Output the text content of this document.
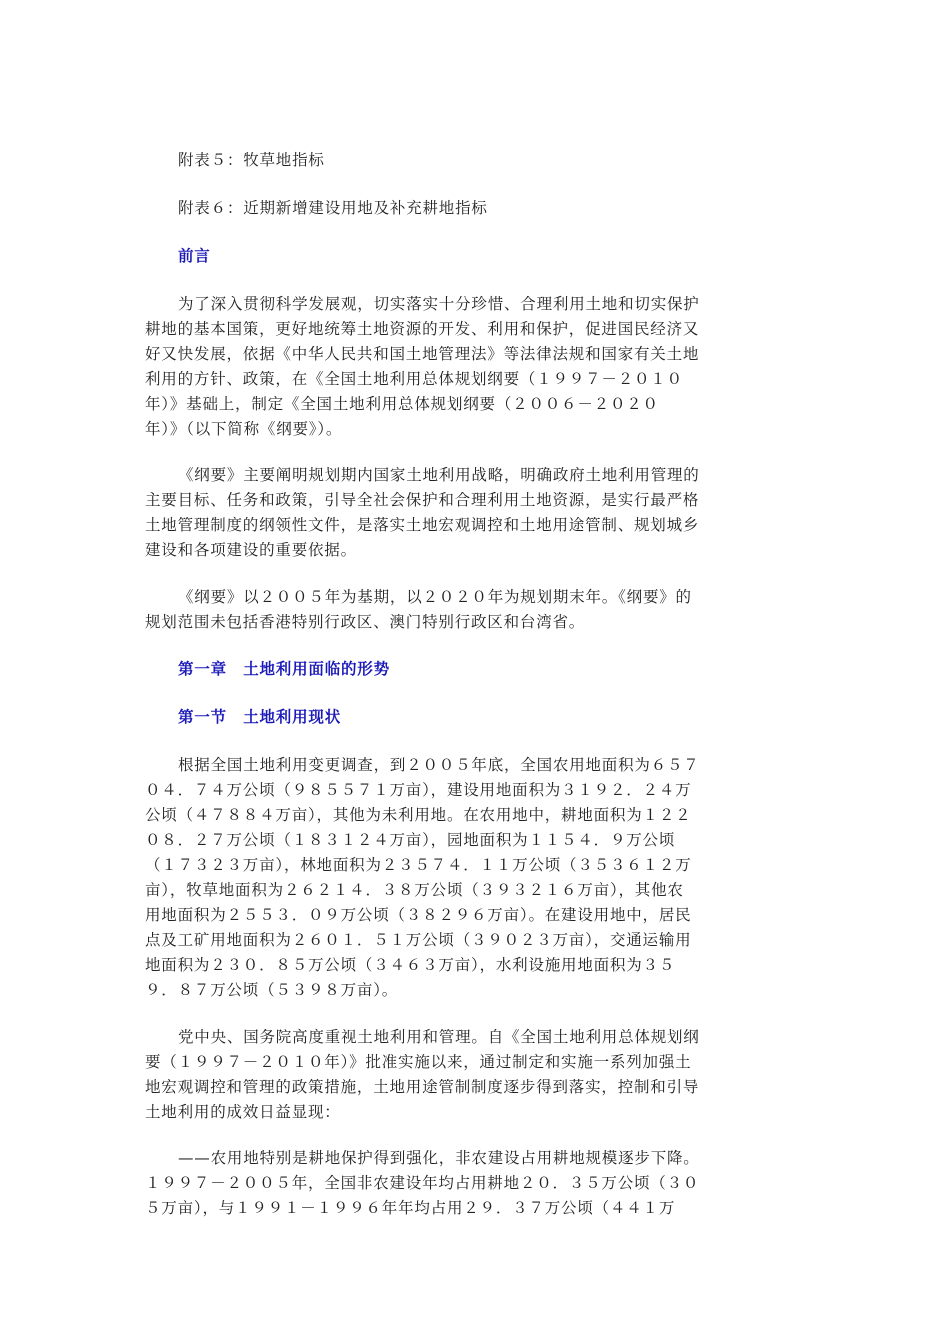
附表５：牧草地指标
附表６：近期新增建设用地及补充耕地指标
前言
为了深入贯彻科学发展观，切实落实十分珍惜、合理利用土地和切实保护
耕地的基本国策，更好地统筹土地资源的开发、利用和保护，促进国民经济又
好又快发展，依据《中华人民共和国土地管理法》等法律法规和国家有关土地
利用的方针、政策，在《全国土地利用总体规划纲要（１９９７－２０１０
年）》基础上，制定《全国土地利用总体规划纲要（２００６－２０２０
年）》（以下简称《纲要》）。
《纲要》主要阐明规划期内国家土地利用战略，明确政府土地利用管理的
主要目标、任务和政策，引导全社会保护和合理利用土地资源，是实行最严格
土地管理制度的纲领性文件，是落实土地宏观调控和土地用途管制、规划城乡
建设和各项建设的重要依据。
《纲要》以２００５年为基期，以２０２０年为规划期末年。《纲要》的
规划范围未包括香港特别行政区、澳门特别行政区和台湾省。
第一章　土地利用面临的形势
第一节　土地利用现状
根据全国土地利用变更调查，到２００５年底，全国农用地面积为６５７
０４．７４万公顷（９８５５７１万亩），建设用地面积为３１９２．２４万
公顷（４７８８４万亩），其他为未利用地。在农用地中，耕地面积为１２２
０８．２７万公顷（１８３１２４万亩），园地面积为１１５４．９万公顷
（１７３２３万亩），林地面积为２３５７４．１１万公顷（３５３６１２万
亩），牧草地面积为２６２１４．３８万公顷（３９３２１６万亩），其他农
用地面积为２５５３．０９万公顷（３８２９６万亩）。在建设用地中，居民
点及工矿用地面积为２６０１．５１万公顷（３９０２３万亩），交通运输用
地面积为２３０．８５万公顷（３４６３万亩），水利设施用地面积为３５
９．８７万公顷（５３９８万亩）。
党中央、国务院高度重视土地利用和管理。自《全国土地利用总体规划纲
要（１９９７－２０１０年）》批准实施以来，通过制定和实施一系列加强土
地宏观调控和管理的政策措施，土地用途管制制度逐步得到落实，控制和引导
土地利用的成效日益显现：
——农用地特别是耕地保护得到强化，非农建设占用耕地规模逐步下降。
１９９７－２００５年，全国非农建设年均占用耕地２０．３５万公顷（３０
５万亩），与１９９１－１９９６年年均占用２９．３７万公顷（４４１万
